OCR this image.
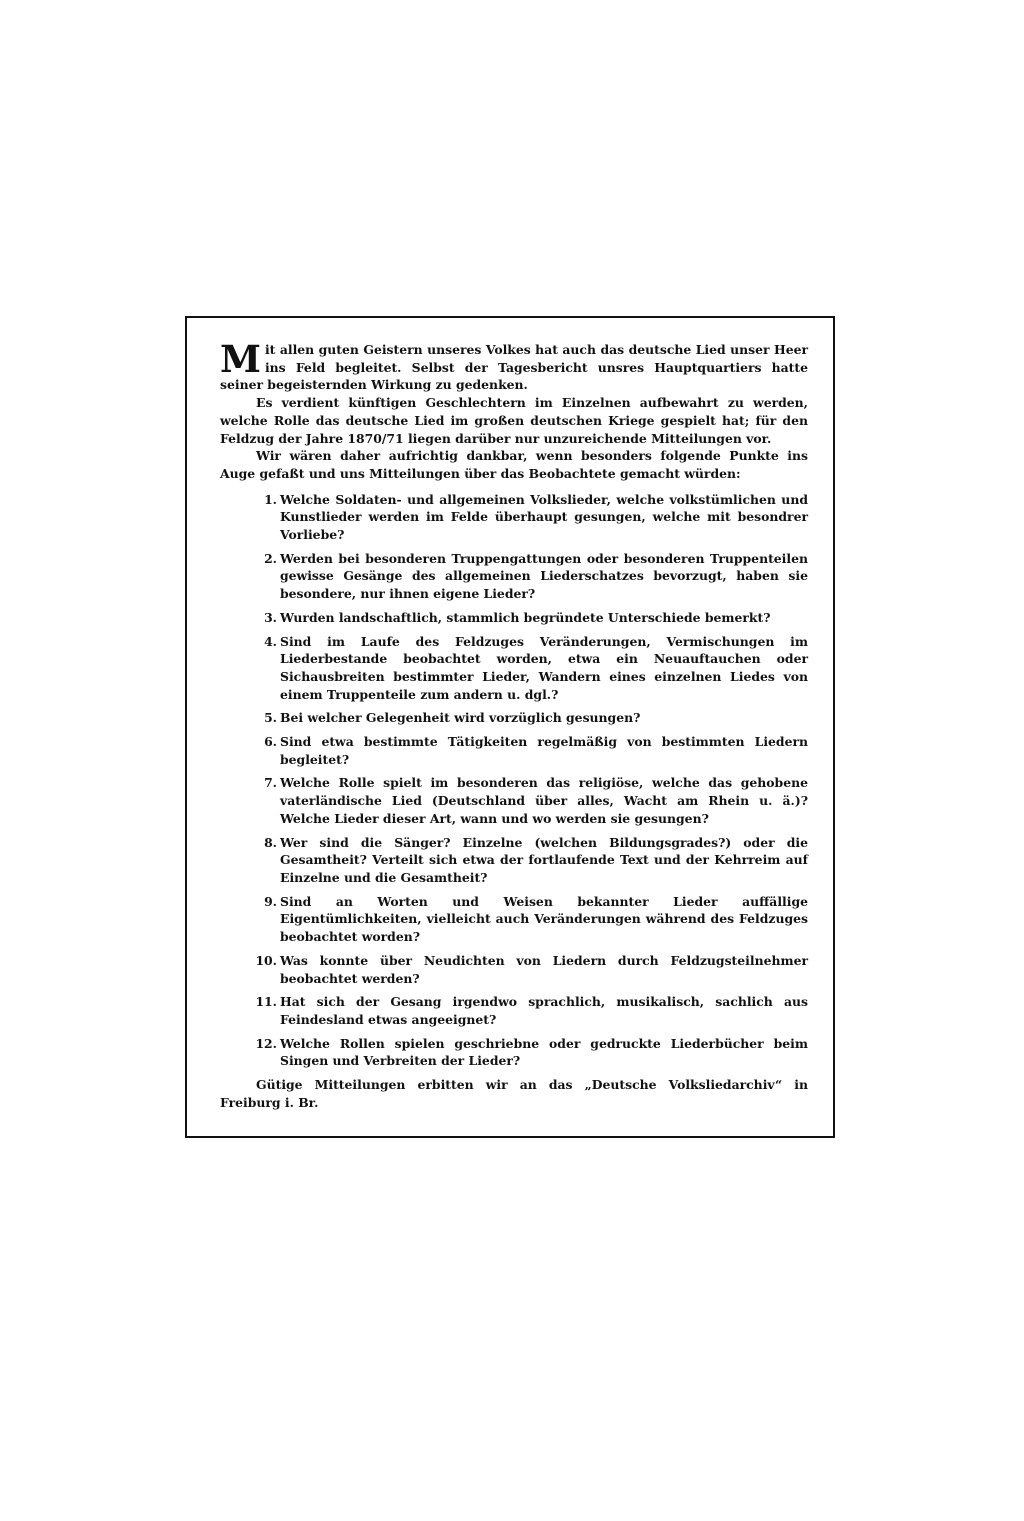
Mit allen guten Geistern unseres Volkes hat auch das deutsche Lied unser Heer ins Feld begleitet. Selbst der Tagesbericht unsres Hauptquartiers hatte seiner begeisternden Wirkung zu gedenken.

Es verdient künftigen Geschlechtern im Einzelnen aufbewahrt zu werden, welche Rolle das deutsche Lied im großen deutschen Kriege gespielt hat; für den Feldzug der Jahre 1870/71 liegen darüber nur unzureichende Mitteilungen vor.

Wir wären daher aufrichtig dankbar, wenn besonders folgende Punkte ins Auge gefaßt und uns Mitteilungen über das Beobachtete gemacht würden:

1. Welche Soldaten- und allgemeinen Volkslieder, welche volkstümlichen und Kunstlieder werden im Felde überhaupt gesungen, welche mit besondrer Vorliebe?
2. Werden bei besonderen Truppengattungen oder besonderen Truppenteilen gewisse Gesänge des allgemeinen Liederschatzes bevorzugt, haben sie besondere, nur ihnen eigene Lieder?
3. Wurden landschaftlich, stammlich begründete Unterschiede bemerkt?
4. Sind im Laufe des Feldzuges Veränderungen, Vermischungen im Liederbestande beobachtet worden, etwa ein Neuauftauchen oder Sichausbreiten bestimmter Lieder, Wandern eines einzelnen Liedes von einem Truppenteile zum andern u. dgl.?
5. Bei welcher Gelegenheit wird vorzüglich gesungen?
6. Sind etwa bestimmte Tätigkeiten regelmäßig von bestimmten Liedern begleitet?
7. Welche Rolle spielt im besonderen das religiöse, welche das gehobene vaterländische Lied (Deutschland über alles, Wacht am Rhein u. ä.)? Welche Lieder dieser Art, wann und wo werden sie gesungen?
8. Wer sind die Sänger? Einzelne (welchen Bildungsgrades?) oder die Gesamtheit? Verteilt sich etwa der fortlaufende Text und der Kehrreim auf Einzelne und die Gesamtheit?
9. Sind an Worten und Weisen bekannter Lieder auffällige Eigentümlichkeiten, vielleicht auch Veränderungen während des Feldzuges beobachtet worden?
10. Was konnte über Neudichten von Liedern durch Feldzugsteilnehmer beobachtet werden?
11. Hat sich der Gesang irgendwo sprachlich, musikalisch, sachlich aus Feindesland etwas angeeignet?
12. Welche Rollen spielen geschriebne oder gedruckte Liederbücher beim Singen und Verbreiten der Lieder?

Gütige Mitteilungen erbitten wir an das „Deutsche Volksliedarchiv“ in Freiburg i. Br.
